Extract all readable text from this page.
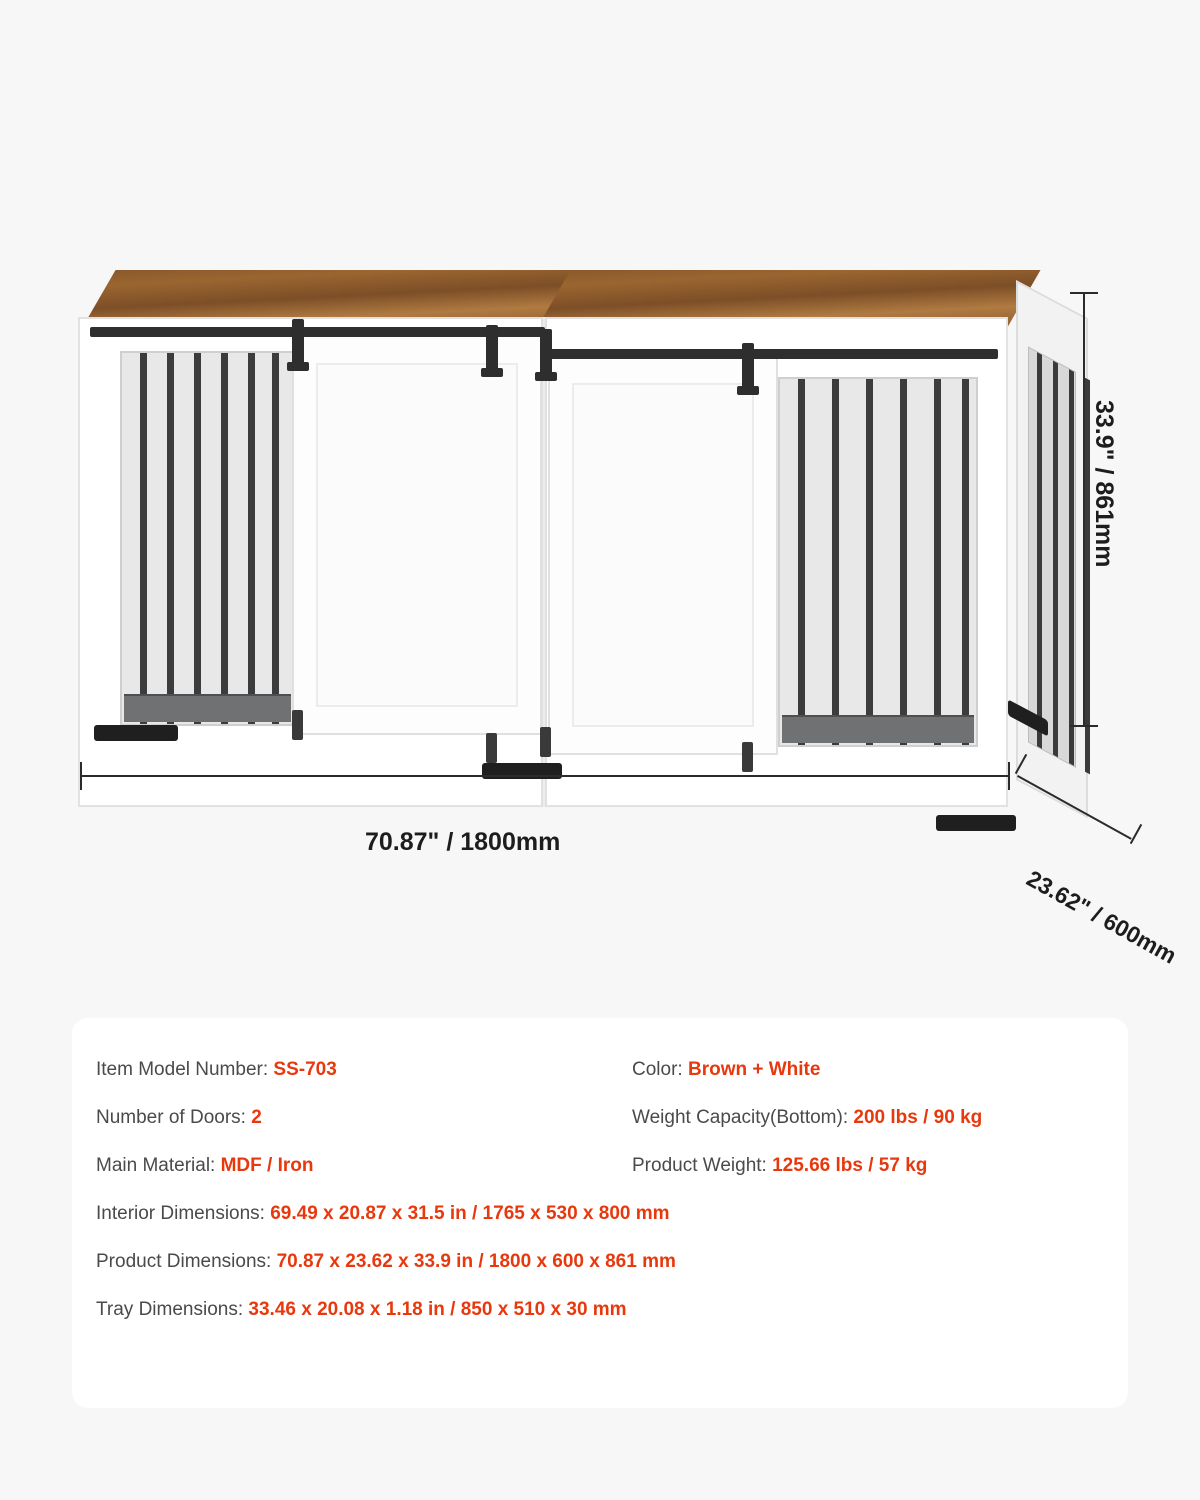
33.9" / 861mm
70.87" / 1800mm
23.62" / 600mm
Item Model Number: SS-703	Color: Brown + White
Number of Doors: 2	Weight Capacity(Bottom): 200 lbs / 90 kg
Main Material: MDF / Iron	Product Weight: 125.66 lbs / 57 kg
Interior Dimensions: 69.49 x 20.87 x 31.5 in / 1765 x 530 x 800 mm
Product Dimensions: 70.87 x 23.62 x 33.9 in / 1800 x 600 x 861 mm
Tray Dimensions: 33.46 x 20.08 x 1.18 in / 850 x 510 x 30 mm
